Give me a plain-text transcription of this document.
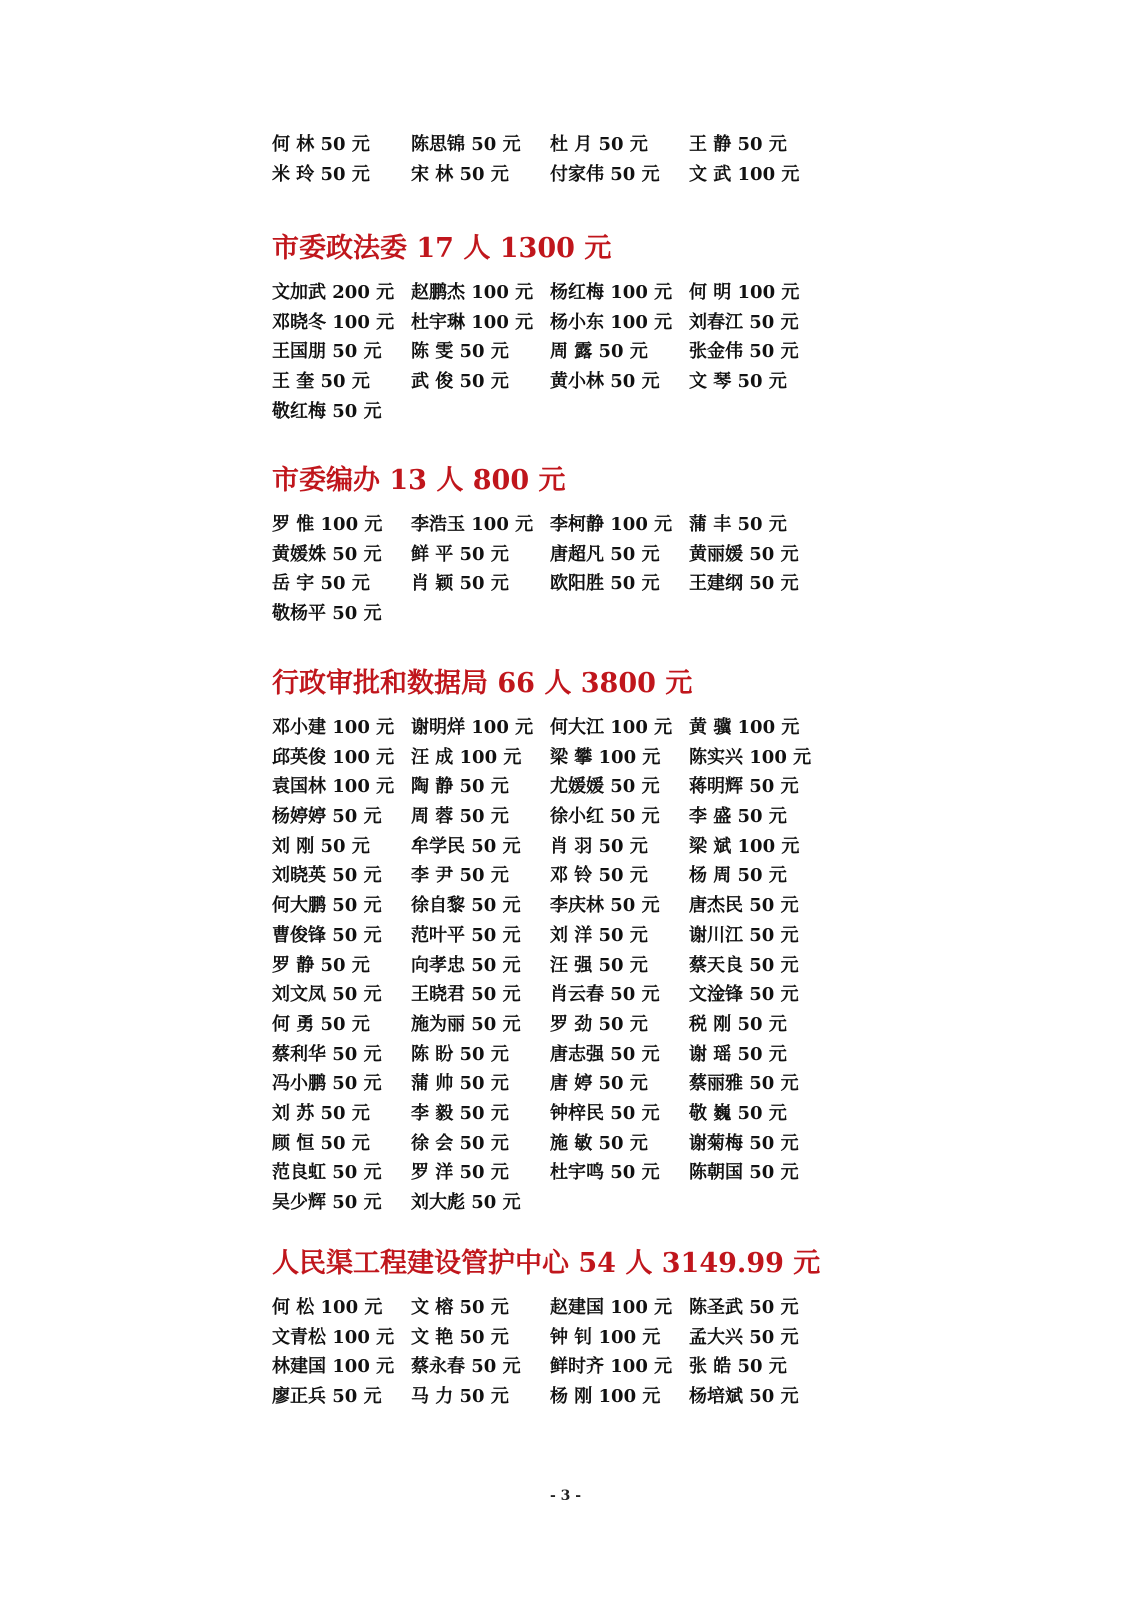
何 林 50 元	陈思锦 50 元	杜 月 50 元	王 静 50 元
米 玲 50 元	宋 林 50 元	付家伟 50 元	文 武 100 元
市委政法委 17 人 1300 元
文加武 200 元 赵鹏杰 100 元 杨红梅 100 元 何 明 100 元
邓晓冬 100 元 杜宇琳 100 元 杨小东 100 元 刘春江 50 元
王国朋 50 元	陈 雯 50 元	周 露 50 元	张金伟 50 元
王 奎 50 元	武 俊 50 元	黄小林 50 元	文 琴 50 元
敬红梅 50 元
市委编办 13 人 800 元
罗 惟 100 元	李浩玉 100 元 李柯静 100 元 蒲 丰 50 元
黄媛姝 50 元	鲜 平 50 元	唐超凡 50 元	黄丽媛 50 元
岳 宇 50 元	肖 颖 50 元	欧阳胜 50 元	王建纲 50 元
敬杨平 50 元
行政审批和数据局 66 人 3800 元
邓小建 100 元 谢明烊 100 元 何大江 100 元 黄 骥 100 元
邱英俊 100 元 汪 成 100 元	梁 攀 100 元	陈实兴 100 元
袁国林 100 元 陶 静 50 元	尤媛媛 50 元	蒋明辉 50 元
杨婷婷 50 元	周 蓉 50 元	徐小红 50 元	李 盛 50 元
刘 刚 50 元	牟学民 50 元	肖 羽 50 元	梁 斌 100 元
刘晓英 50 元	李 尹 50 元	邓 铃 50 元	杨 周 50 元
何大鹏 50 元	徐自黎 50 元	李庆林 50 元	唐杰民 50 元
曹俊锋 50 元	范叶平 50 元	刘 洋 50 元	谢川江 50 元
罗 静 50 元	向孝忠 50 元	汪 强 50 元	蔡天良 50 元
刘文凤 50 元	王晓君 50 元	肖云春 50 元	文淦锋 50 元
何 勇 50 元	施为丽 50 元	罗 劲 50 元	税 刚 50 元
蔡利华 50 元	陈 盼 50 元	唐志强 50 元	谢 瑶 50 元
冯小鹏 50 元	蒲 帅 50 元	唐 婷 50 元	蔡丽雅 50 元
刘 苏 50 元	李 毅 50 元	钟梓民 50 元	敬 巍 50 元
顾 恒 50 元	徐 会 50 元	施 敏 50 元	谢菊梅 50 元
范良虹 50 元	罗 洋 50 元	杜宇鸣 50 元	陈朝国 50 元
吴少辉 50 元	刘大彪 50 元
人民渠工程建设管护中心 54 人 3149.99 元
何 松 100 元	文 榕 50 元	赵建国 100 元 陈圣武 50 元
文青松 100 元 文 艳 50 元	钟 钊 100 元	孟大兴 50 元
林建国 100 元 蔡永春 50 元	鲜时齐 100 元 张 皓 50 元
廖正兵 50 元	马 力 50 元	杨 刚 100 元	杨培斌 50 元
- 3 -
